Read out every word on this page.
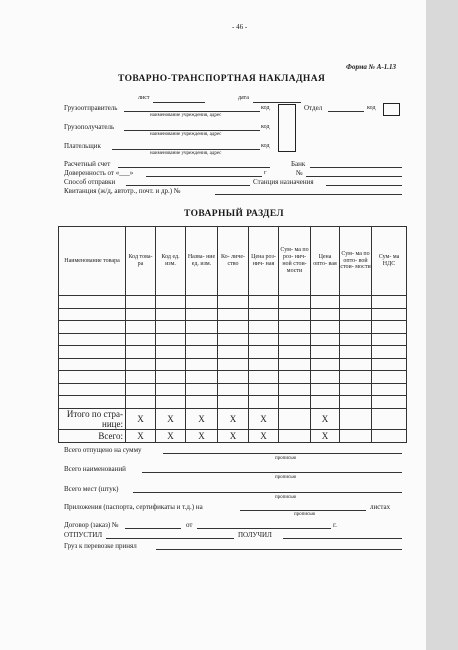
- 46 -
Форма № А-1.13
ТОВАРНО-ТРАНСПОРТНАЯ НАКЛАДНАЯ
лист	дата
Грузоотправитель	код
наименование учреждения, адрес
Отдел	код
Грузополучатель	код
наименование учреждения, адрес
Плательщик	код
наименование учреждения, адрес
Расчетный счет	Банк
Доверенность от «___»	г	№
Способ отправки	Станция назначения
Квитанция (ж/д, автотр., почт. и др.) №
ТОВАРНЫЙ РАЗДЕЛ
Наименование товара	Код това- ра	Код ед. изм.	Назва- ние ед. изм.	Ко- личе- ство	Цена роз- нич- ная	Сум- ма по роз- нич- ной стои- мости	Цена опто- вая	Сум- ма по опто- вой стои- мости	Сум- ма НДС

Итого по стра- нице:	X	X	X	X	X		X		
Всего:	X	X	X	X	X		X		
Всего отпущено на сумму
прописью
Всего наименований
прописью
Всего мест (штук)
прописью
Приложения (паспорта, сертификаты и т.д.) на	листах
прописью
Договор (заказ) №	от	г.
ОТПУСТИЛ	ПОЛУЧИЛ
Груз к перевозке принял
